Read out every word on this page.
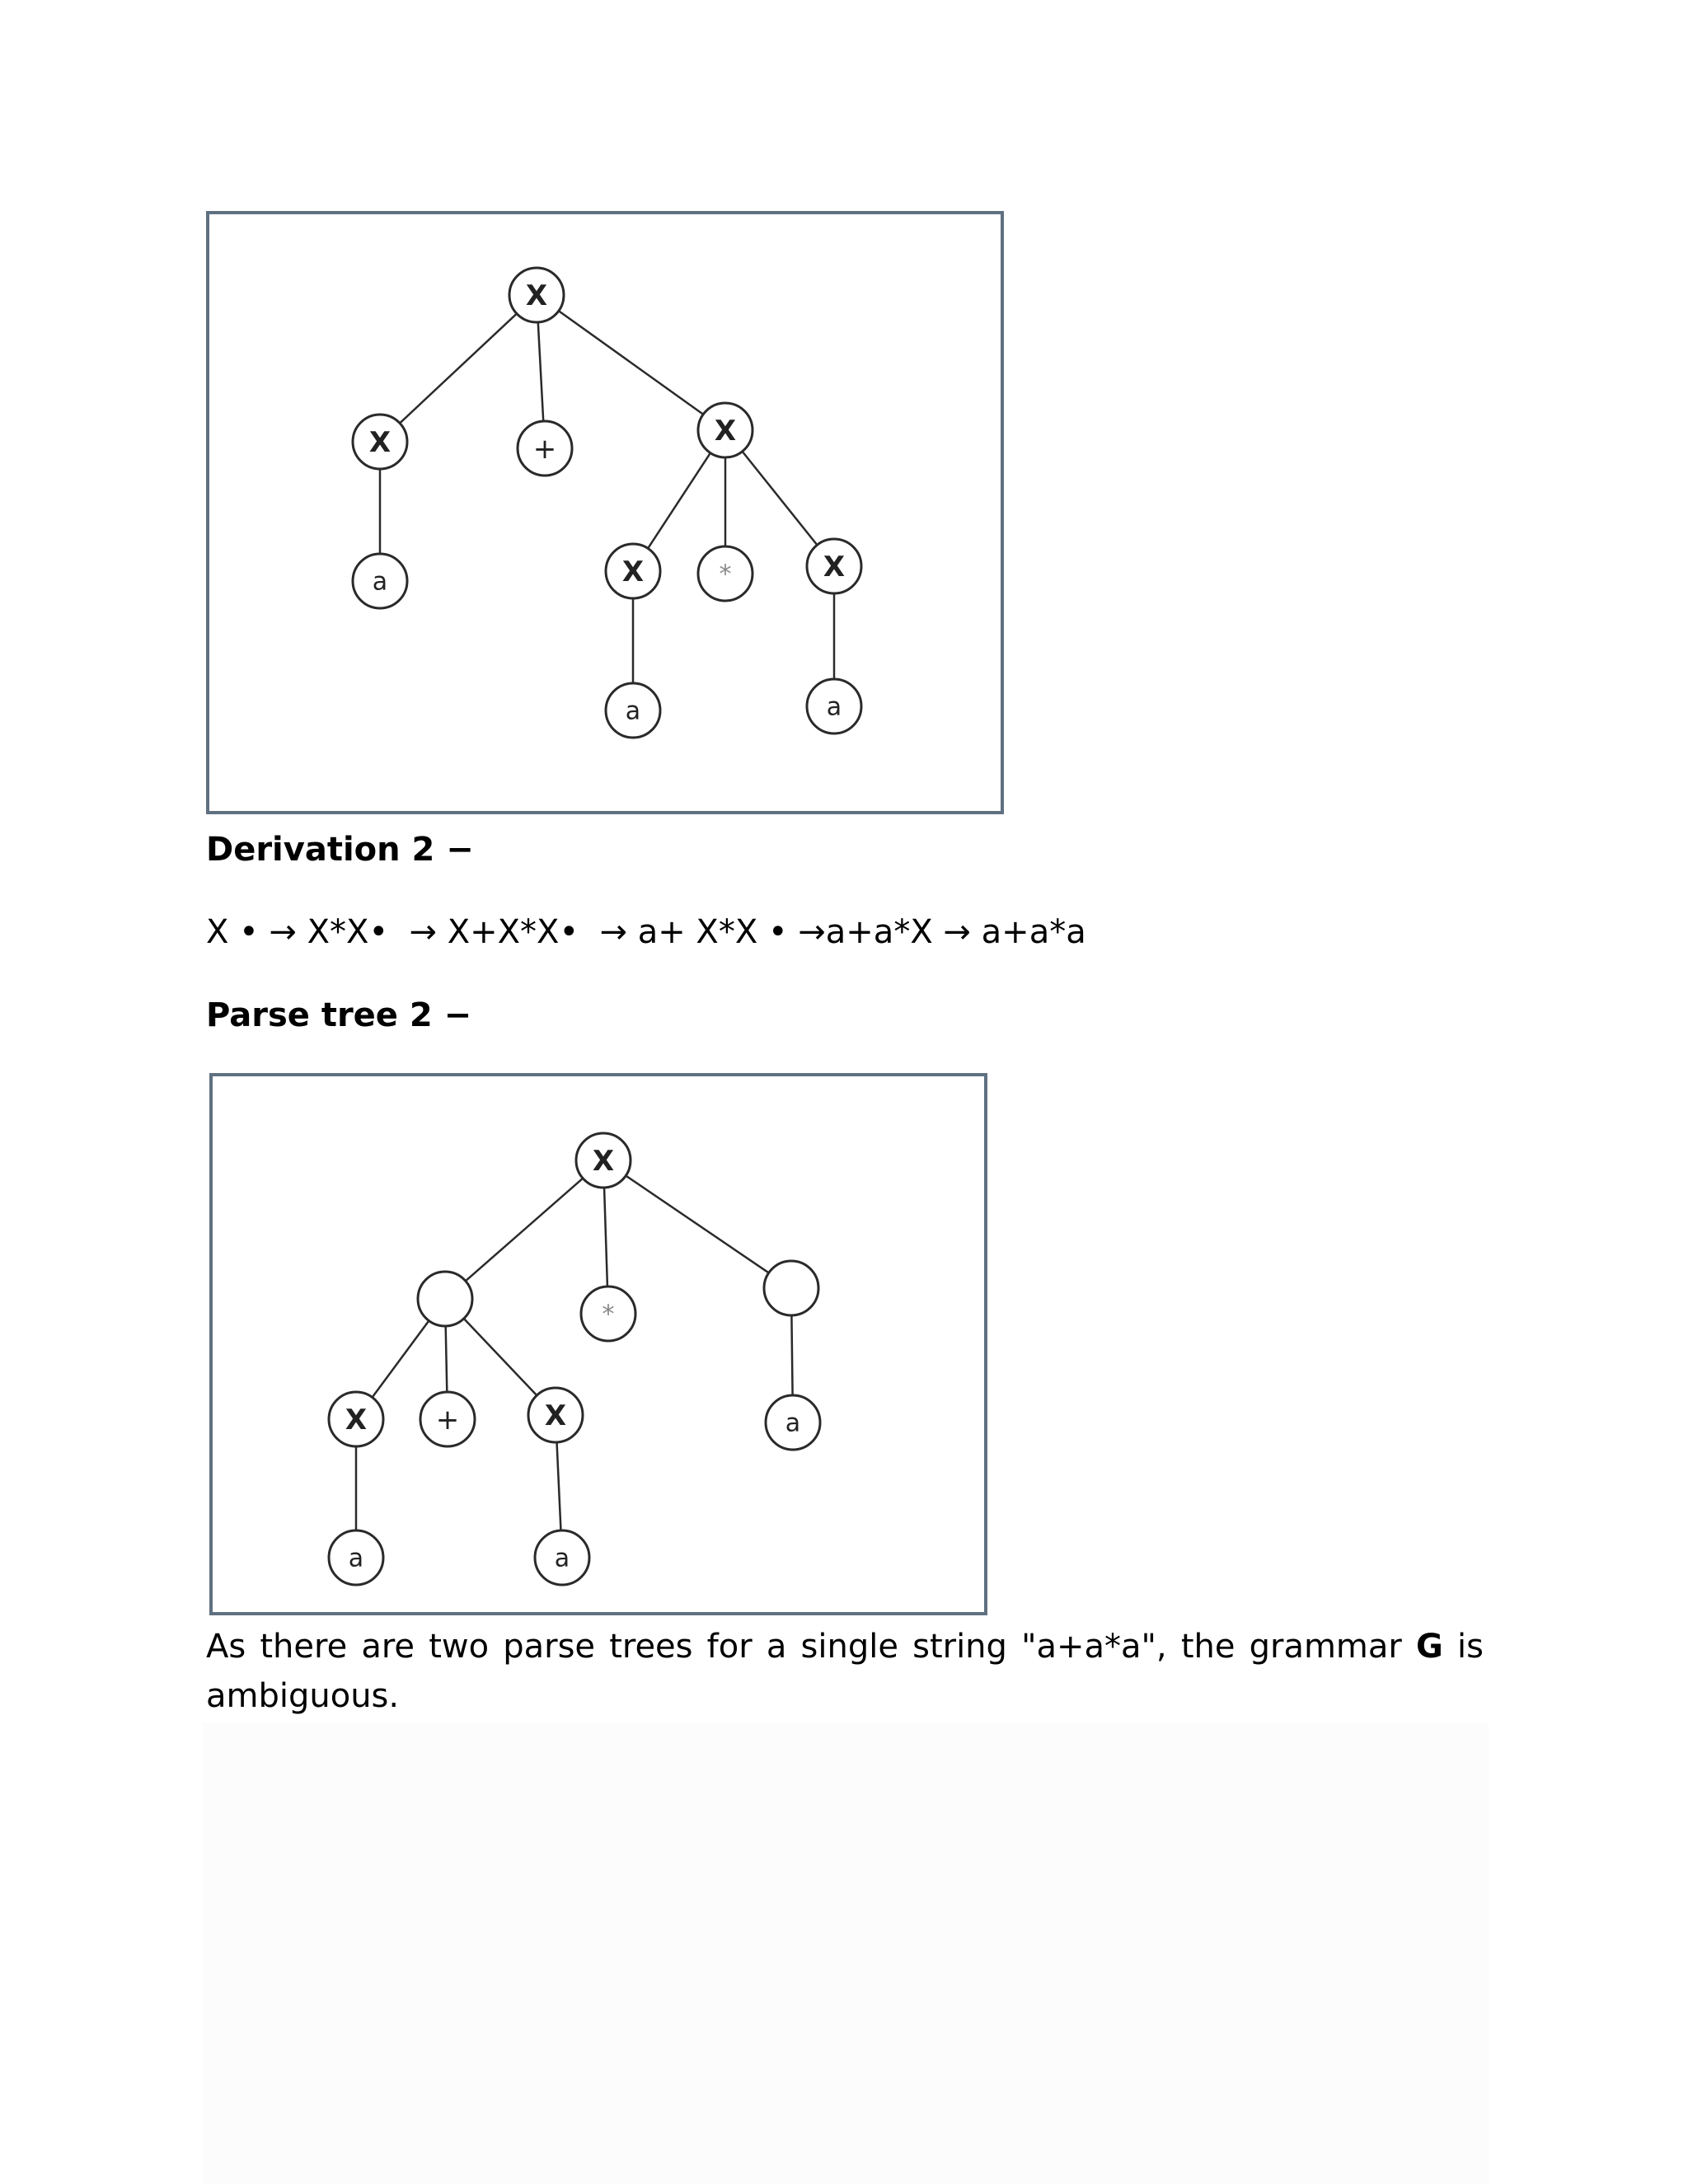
X
X	+
X
a	X	*	X
a	a
Derivation 2 −

X • → X*X•  → X+X*X•  → a+ X*X • →a+a*X → a+a*a

Parse tree 2 −
X
*
X +	X	a
a	a

As there are two parse trees for a single string "a+a*a", the grammar G is ambiguous.
